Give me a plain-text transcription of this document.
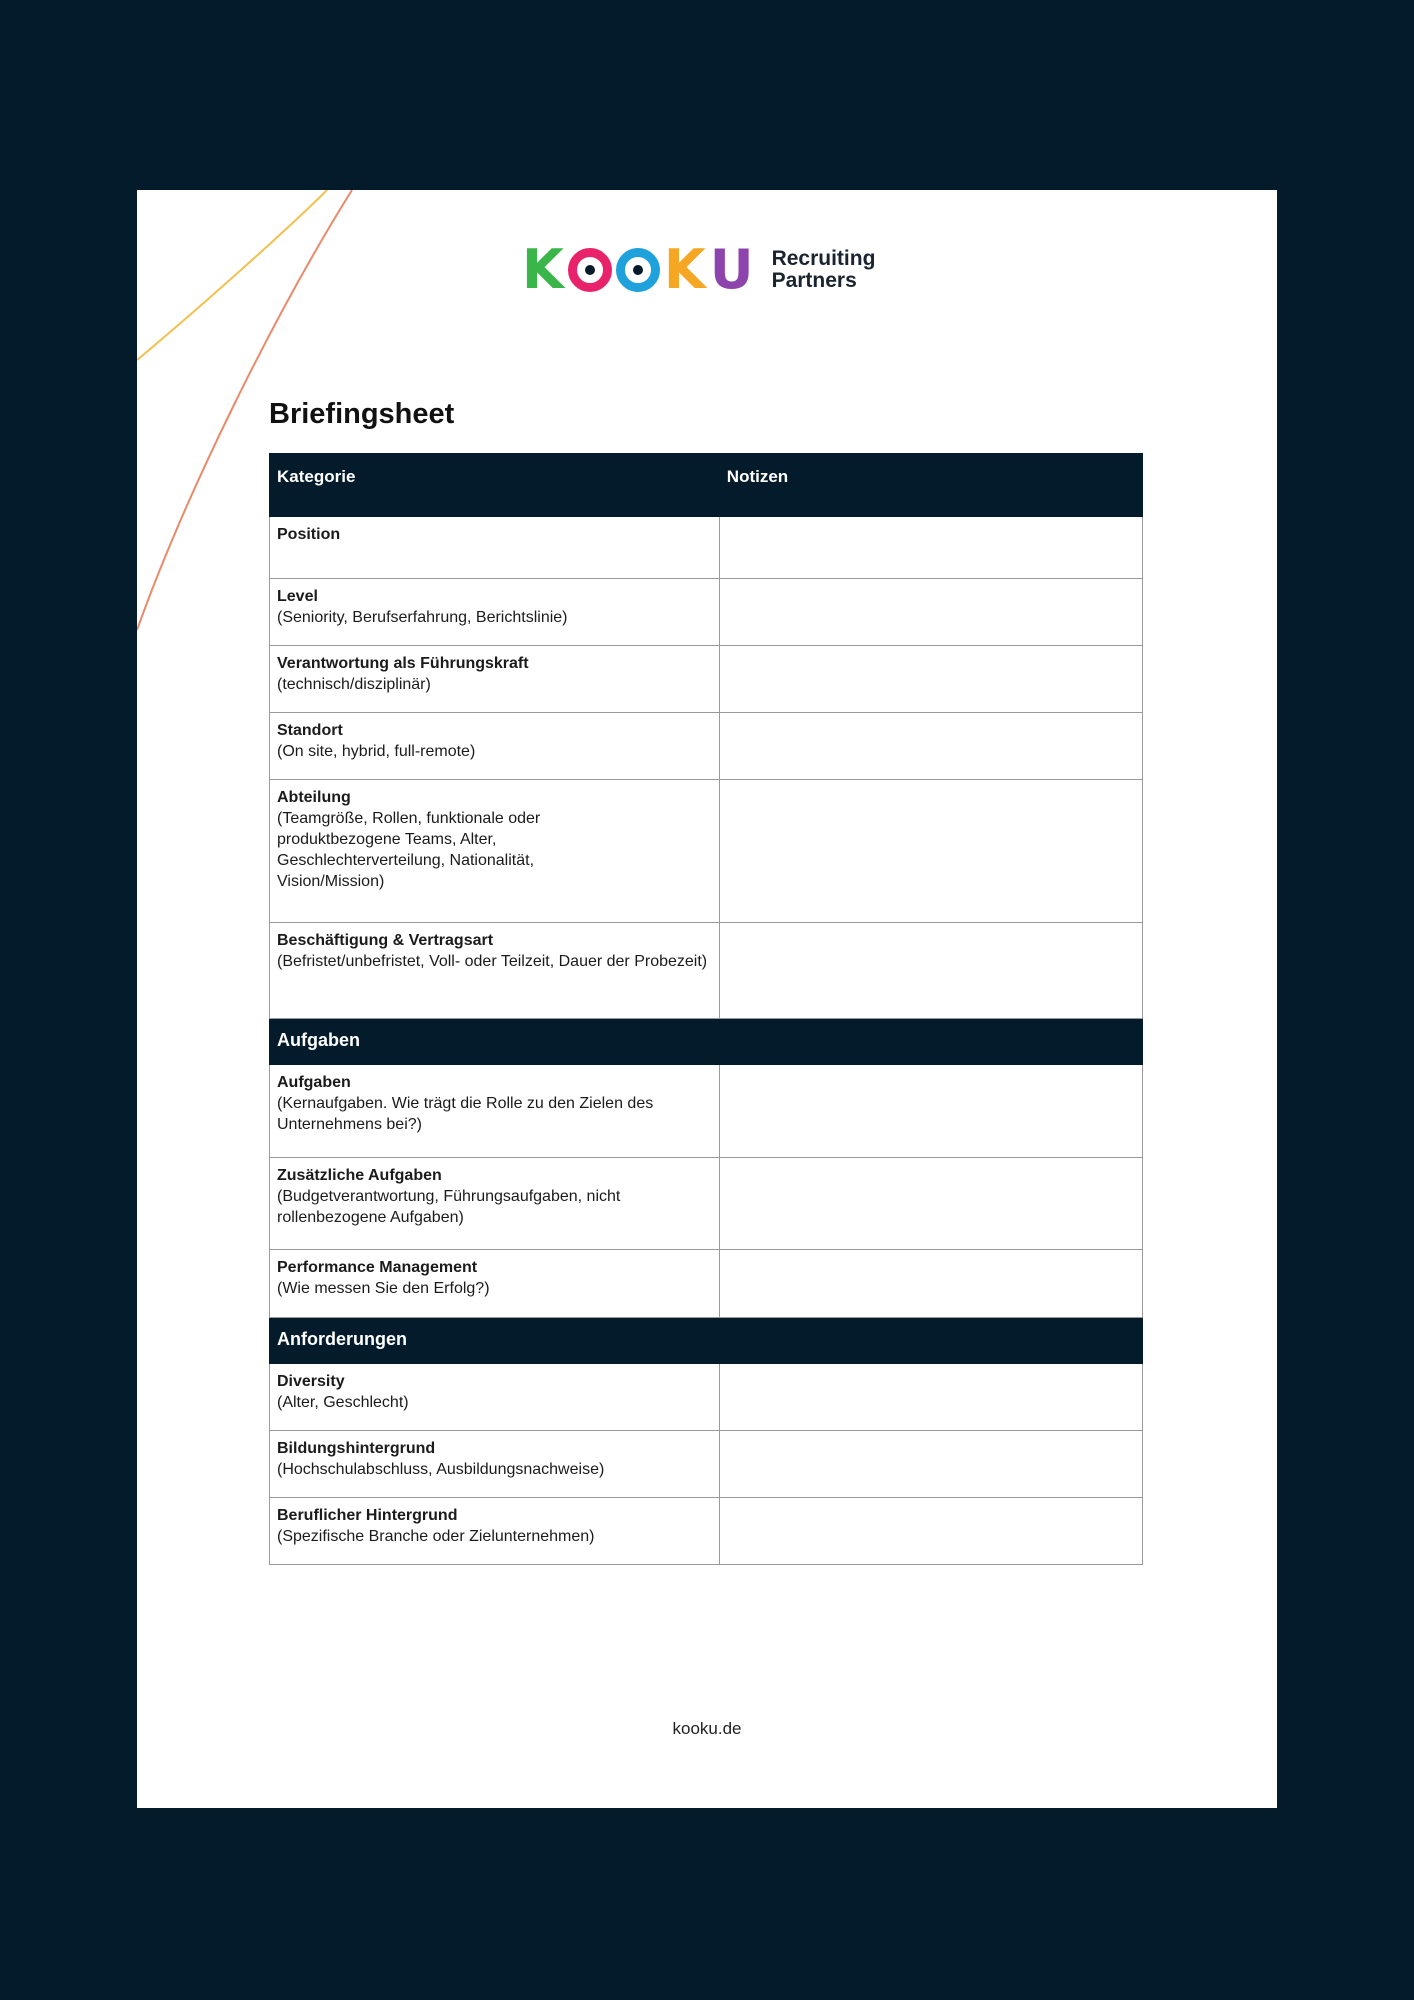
K K U Recruiting
Partners
Briefingsheet
Kategorie	Notizen

Position	

Level
(Seniority, Berufserfahrung, Berichtslinie)	

Verantwortung als Führungskraft
(technisch/disziplinär)	

Standort
(On site, hybrid, full-remote)	

Abteilung
(Teamgröße, Rollen, funktionale oder produktbezogene Teams, Alter, Geschlechterverteilung, Nationalität, Vision/Mission)	

Beschäftigung & Vertragsart
(Befristet/unbefristet, Voll- oder Teilzeit, Dauer der Probezeit)	

Aufgaben	

Aufgaben
(Kernaufgaben. Wie trägt die Rolle zu den Zielen des Unternehmens bei?)	

Zusätzliche Aufgaben
(Budgetverantwortung, Führungsaufgaben, nicht rollenbezogene Aufgaben)	

Performance Management
(Wie messen Sie den Erfolg?)	

Anforderungen	

Diversity
(Alter, Geschlecht)	

Bildungshintergrund
(Hochschulabschluss, Ausbildungsnachweise)	

Beruflicher Hintergrund
(Spezifische Branche oder Zielunternehmen)	

kooku.de
